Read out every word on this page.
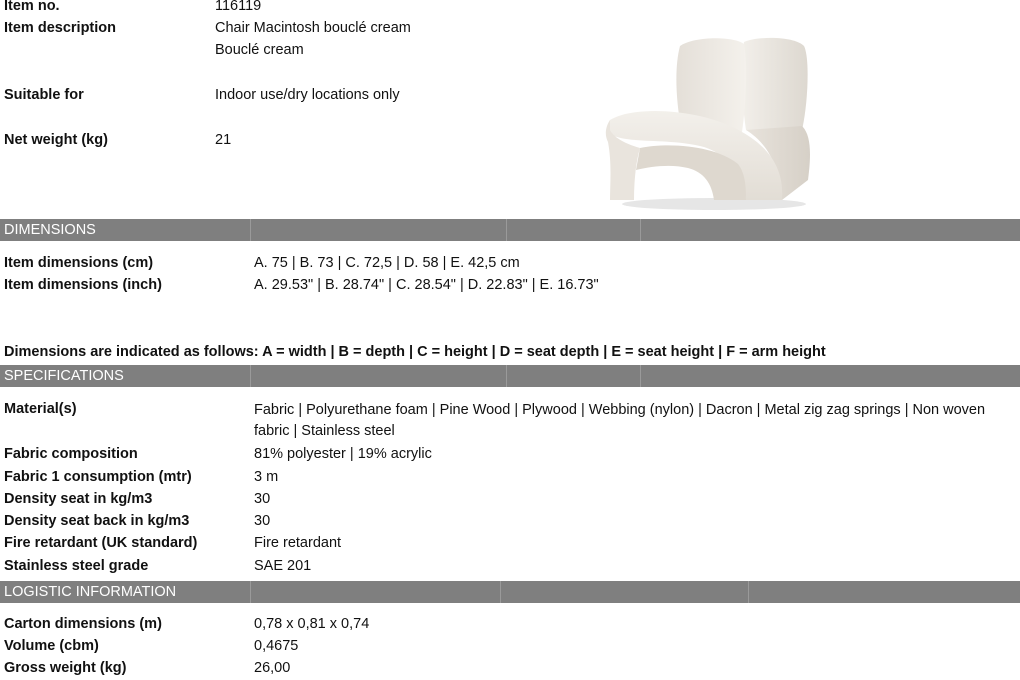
Item no.	116119
Item description	Chair Macintosh bouclé cream
Bouclé cream
Suitable for	Indoor use/dry locations only
Net weight (kg)	21
DIMENSIONS
Item dimensions (cm)	A. 75 | B. 73 | C. 72,5 | D. 58 | E. 42,5 cm
Item dimensions (inch)	A. 29.53" | B. 28.74" | C. 28.54" | D. 22.83" | E. 16.73"
Dimensions are indicated as follows: A = width | B = depth | C = height | D = seat depth | E = seat height | F = arm height
SPECIFICATIONS
Material(s)	Fabric | Polyurethane foam | Pine Wood | Plywood | Webbing (nylon) | Dacron | Metal zig zag springs | Non woven fabric | Stainless steel
Fabric composition	81% polyester | 19% acrylic
Fabric 1 consumption (mtr)	3 m
Density seat in kg/m3	30
Density seat back in kg/m3	30
Fire retardant (UK standard)	Fire retardant
Stainless steel grade	SAE 201
LOGISTIC INFORMATION
Carton dimensions (m)	0,78 x 0,81 x 0,74
Volume (cbm)	0,4675
Gross weight (kg)	26,00
